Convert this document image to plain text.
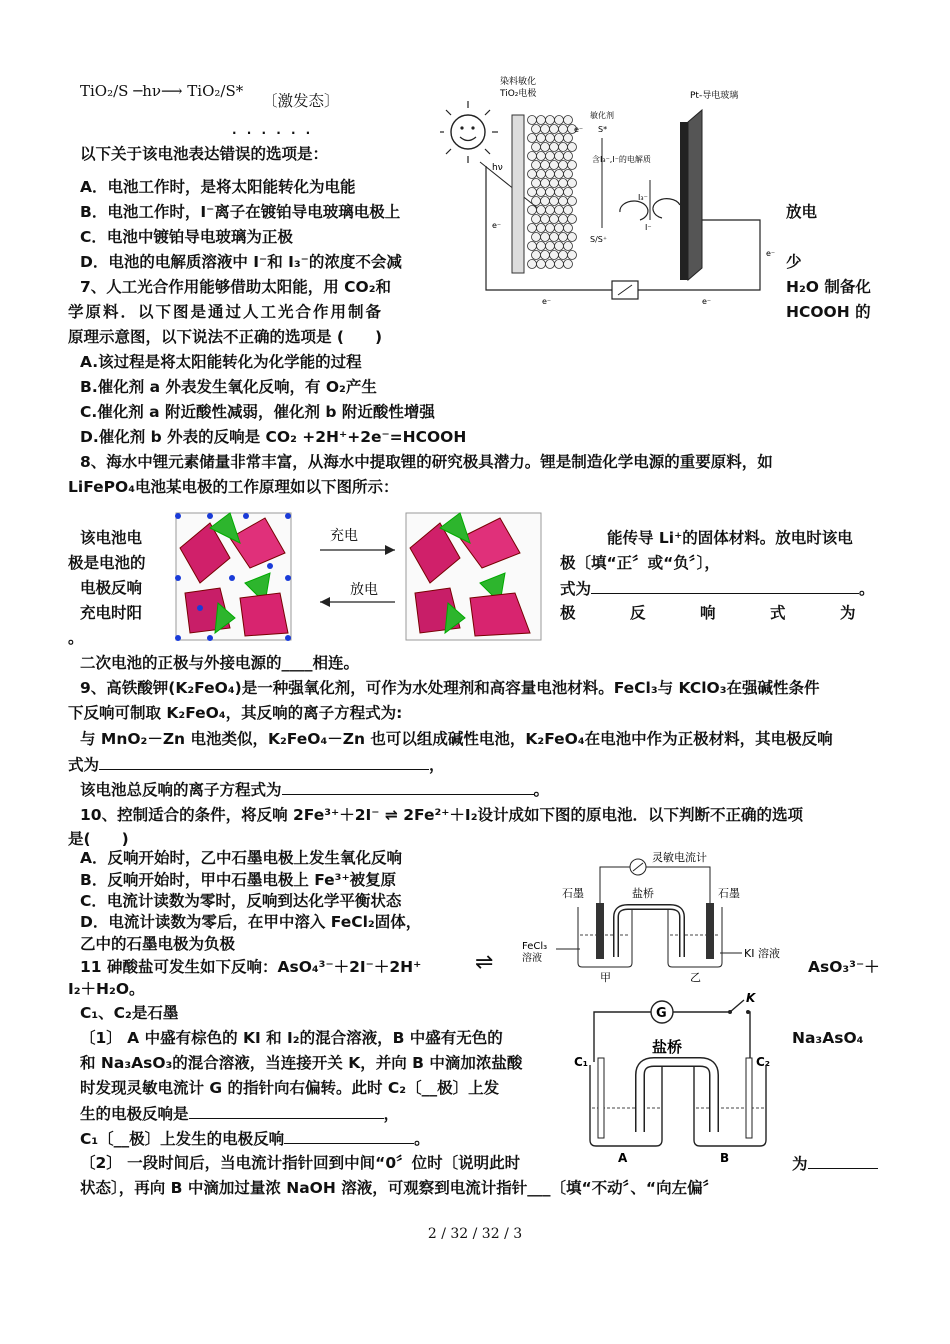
TiO₂/S ─hν⟶ TiO₂/S*
〔激发态〕
· · · · · ·
以下关于该电池表达错误的选项是：
A．电池工作时，是将太阳能转化为电能
B．电池工作时，I⁻离子在镀铂导电玻璃电极上	放电
C．电池中镀铂导电玻璃为正极
D．电池的电解质溶液中 I⁻和 I₃⁻的浓度不会减	少
7、人工光合作用能够借助太阳能，用 CO₂和	H₂O 制备化
学原料．以下图是通过人工光合作用制备	HCOOH 的
原理示意图，以下说法不正确的选项是 (　　)
A.该过程是将太阳能转化为化学能的过程
B.催化剂 a 外表发生氧化反响，有 O₂产生
C.催化剂 a 附近酸性减弱，催化剂 b 附近酸性增强
D.催化剂 b 外表的反响是 CO₂ +2H⁺+2e⁻=HCOOH
8、海水中锂元素储量非常丰富，从海水中提取锂的研究极具潜力。锂是制造化学电源的重要原料，如
LiFePO₄电池某电极的工作原理如以下图所示：
该电池电	能传导 Li⁺的固体材料。放电时该电
极是电池的	极〔填“正〞或“负〞〕，
电极反响	式为	。
充电时阳	极　　　反　　　响　　　式　　　为
。
二次电池的正极与外接电源的____相连。
9、高铁酸钾(K₂FeO₄)是一种强氧化剂，可作为水处理剂和高容量电池材料。FeCl₃与 KClO₃在强碱性条件
下反响可制取 K₂FeO₄，其反响的离子方程式为:
与 MnO₂－Zn 电池类似，K₂FeO₄－Zn 也可以组成碱性电池，K₂FeO₄在电池中作为正极材料，其电极反响
式为	，
该电池总反响的离子方程式为	。
10、控制适合的条件，将反响 2Fe³⁺＋2I⁻ ⇌ 2Fe²⁺＋I₂设计成如下图的原电池．以下判断不正确的选项
是(　　)
A．反响开始时，乙中石墨电极上发生氧化反响
B．反响开始时，甲中石墨电极上 Fe³⁺被复原
C．电流计读数为零时，反响到达化学平衡状态
D．电流计读数为零后，在甲中溶入 FeCl₂固体，
乙中的石墨电极为负极
11 砷酸盐可发生如下反响：AsO₄³⁻＋2I⁻＋2H⁺ ⇌	AsO₃³⁻＋
I₂＋H₂O。
C₁、C₂是石墨
〔1〕 A 中盛有棕色的 KI 和 I₂的混合溶液，B 中盛有无色的	Na₃AsO₄
和 Na₃AsO₃的混合溶液，当连接开关 K，并向 B 中滴加浓盐酸
时发现灵敏电流计 G 的指针向右偏转。此时 C₂〔__极〕上发
生的电极反响是	，
C₁〔__极〕上发生的电极反响	。
〔2〕 一段时间后，当电流计指针回到中间“0〞位时〔说明此时	为
状态〕，再向 B 中滴加过量浓 NaOH 溶液，可观察到电流计指针___〔填“不动〞、“向左偏〞
hν
染料敏化
TiO₂电极	Pt-导电玻璃
敏化剂
S*
e⁻
含I₃⁻,I⁻的电解质
I₃⁻
I⁻
S/S⁺
e⁻
e⁻	e⁻
e⁻
充电
放电
灵敏电流计
石墨	盐桥	石墨
FeCl₃
溶液	KI 溶液
甲	乙
G
K
盐桥
C₁	C₂
A	B
2 / 32 / 32 / 3
